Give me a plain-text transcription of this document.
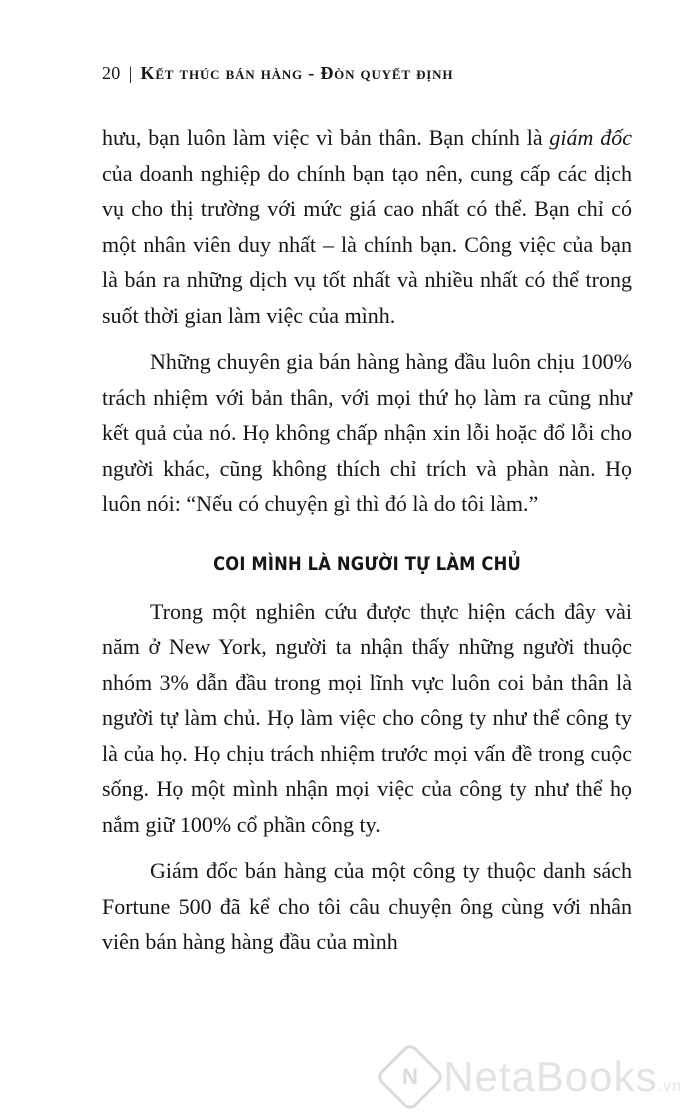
20 | Kết thúc bán hàng - Đòn quyết định

hưu, bạn luôn làm việc vì bản thân. Bạn chính là giám đốc của doanh nghiệp do chính bạn tạo nên, cung cấp các dịch vụ cho thị trường với mức giá cao nhất có thể. Bạn chỉ có một nhân viên duy nhất – là chính bạn. Công việc của bạn là bán ra những dịch vụ tốt nhất và nhiều nhất có thể trong suốt thời gian làm việc của mình.

Những chuyên gia bán hàng hàng đầu luôn chịu 100% trách nhiệm với bản thân, với mọi thứ họ làm ra cũng như kết quả của nó. Họ không chấp nhận xin lỗi hoặc đổ lỗi cho người khác, cũng không thích chỉ trích và phàn nàn. Họ luôn nói: “Nếu có chuyện gì thì đó là do tôi làm.”

COI MÌNH LÀ NGƯỜI TỰ LÀM CHỦ

Trong một nghiên cứu được thực hiện cách đây vài năm ở New York, người ta nhận thấy những người thuộc nhóm 3% dẫn đầu trong mọi lĩnh vực luôn coi bản thân là người tự làm chủ. Họ làm việc cho công ty như thể công ty là của họ. Họ chịu trách nhiệm trước mọi vấn đề trong cuộc sống. Họ một mình nhận mọi việc của công ty như thể họ nắm giữ 100% cổ phần công ty.

Giám đốc bán hàng của một công ty thuộc danh sách Fortune 500 đã kể cho tôi câu chuyện ông cùng với nhân viên bán hàng hàng đầu của mình

N NetaBooks.vn
